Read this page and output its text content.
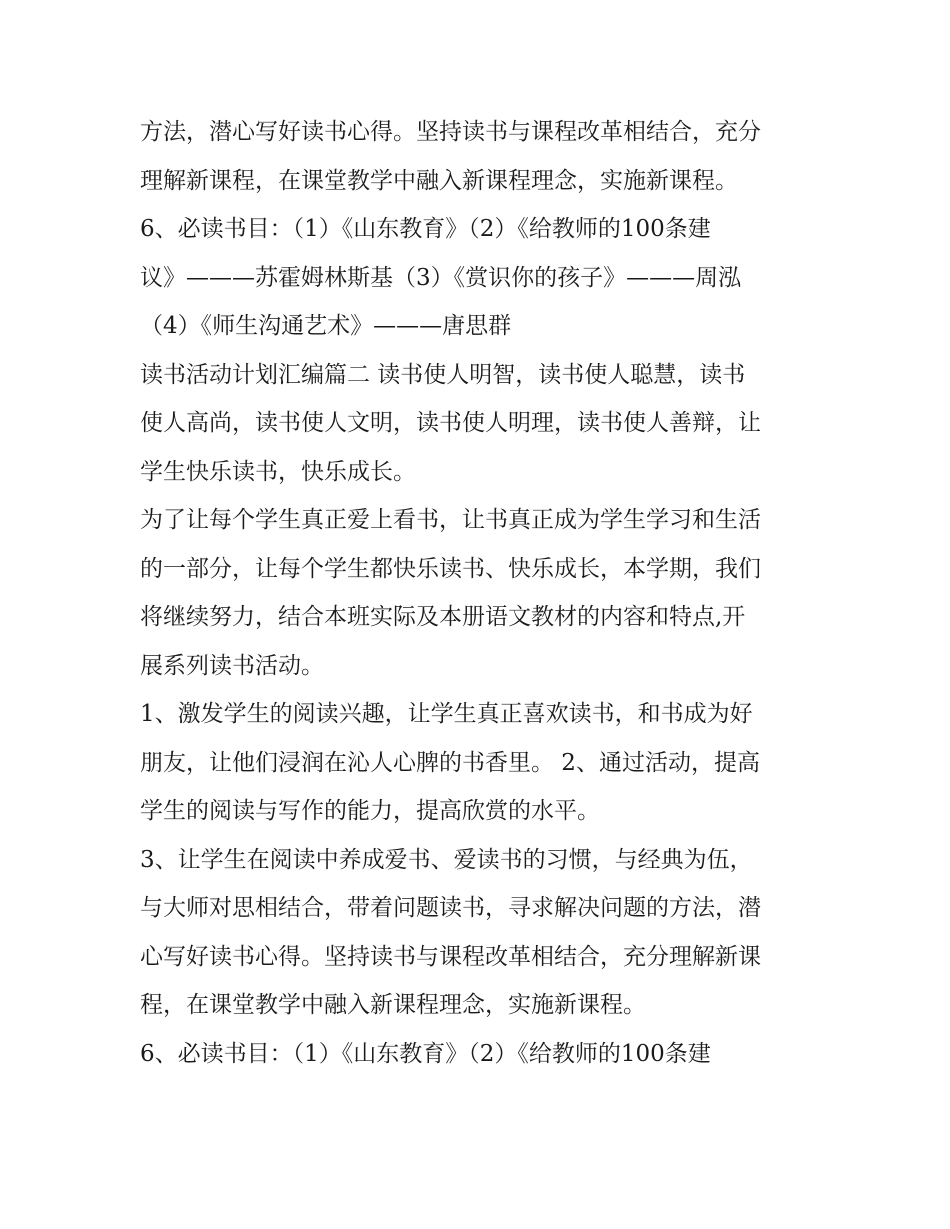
方法，潜心写好读书心得。坚持读书与课程改革相结合，充分
理解新课程，在课堂教学中融入新课程理念，实施新课程。
6、必读书目：（1）《山东教育》（2）《给教师的100条建
议》———苏霍姆林斯基（3）《赏识你的孩子》———周泓
（4）《师生沟通艺术》———唐思群
读书活动计划汇编篇二 读书使人明智，读书使人聪慧，读书
使人高尚，读书使人文明，读书使人明理，读书使人善辩，让
学生快乐读书，快乐成长。
为了让每个学生真正爱上看书，让书真正成为学生学习和生活
的一部分，让每个学生都快乐读书、快乐成长，本学期，我们
将继续努力，结合本班实际及本册语文教材的内容和特点,开
展系列读书活动。
1、激发学生的阅读兴趣，让学生真正喜欢读书，和书成为好
朋友，让他们浸润在沁人心脾的书香里。 2、通过活动，提高
学生的阅读与写作的能力，提高欣赏的水平。
3、让学生在阅读中养成爱书、爱读书的习惯，与经典为伍，
与大师对思相结合，带着问题读书，寻求解决问题的方法，潜
心写好读书心得。坚持读书与课程改革相结合，充分理解新课
程，在课堂教学中融入新课程理念，实施新课程。
6、必读书目：（1）《山东教育》（2）《给教师的100条建
